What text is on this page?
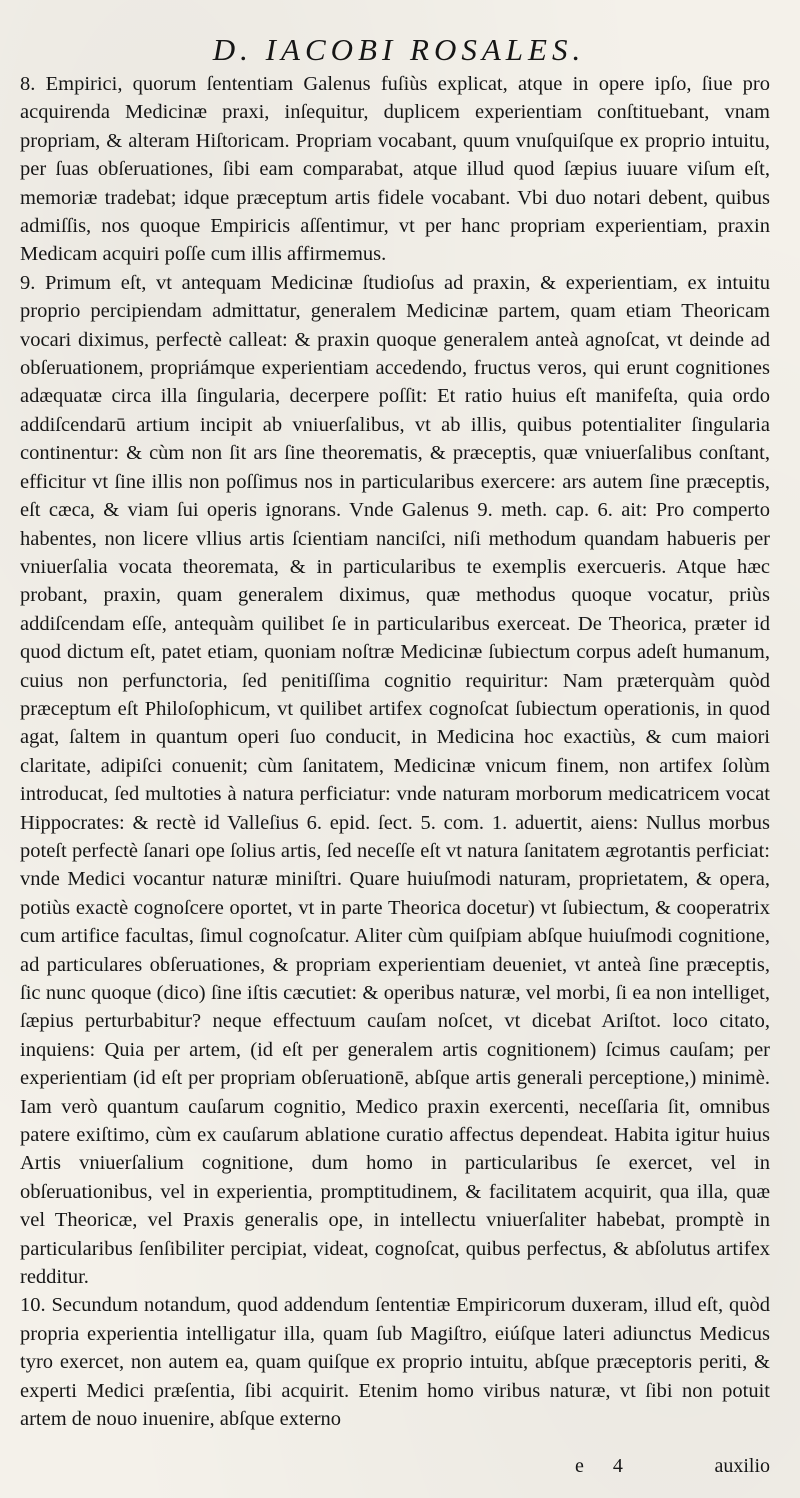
D. IACOBI ROSALES.

8. Empirici, quorum ſententiam Galenus fuſiùs explicat, atque in opere ipſo, ſiue pro acquirenda Medicinæ praxi, inſequitur, duplicem experientiam conſtituebant, vnam propriam, & alteram Hiſtoricam. Propriam vocabant, quum vnuſquiſque ex proprio intuitu, per ſuas obſeruationes, ſibi eam comparabat, atque illud quod ſæpius iuuare viſum eſt, memoriæ tradebat; idque præceptum artis fidele vocabant. Vbi duo notari debent, quibus admiſſis, nos quoque Empiricis aſſentimur, vt per hanc propriam experientiam, praxin Medicam acquiri poſſe cum illis affirmemus.

9. Primum eſt, vt antequam Medicinæ ſtudioſus ad praxin, & experientiam, ex intuitu proprio percipiendam admittatur, generalem Medicinæ partem, quam etiam Theoricam vocari diximus, perfectè calleat: & praxin quoque generalem anteà agnoſcat, vt deinde ad obſeruationem, propriámque experientiam accedendo, fructus veros, qui erunt cognitiones adæquatæ circa illa ſingularia, decerpere poſſit: Et ratio huius eſt manifeſta, quia ordo addiſcendarū artium incipit ab vniuerſalibus, vt ab illis, quibus potentialiter ſingularia continentur: & cùm non ſit ars ſine theorematis, & præceptis, quæ vniuerſalibus conſtant, efficitur vt ſine illis non poſſimus nos in particularibus exercere: ars autem ſine præceptis, eſt cæca, & viam ſui operis ignorans. Vnde Galenus 9. meth. cap. 6. ait: Pro comperto habentes, non licere vllius artis ſcientiam nanciſci, niſi methodum quandam habueris per vniuerſalia vocata theoremata, & in particularibus te exemplis exercueris. Atque hæc probant, praxin, quam generalem diximus, quæ methodus quoque vocatur, priùs addiſcendam eſſe, antequàm quilibet ſe in particularibus exerceat. De Theorica, præter id quod dictum eſt, patet etiam, quoniam noſtræ Medicinæ ſubiectum corpus adeſt humanum, cuius non perfunctoria, ſed penitiſſima cognitio requiritur: Nam præterquàm quòd præceptum eſt Philoſophicum, vt quilibet artifex cognoſcat ſubiectum operationis, in quod agat, ſaltem in quantum operi ſuo conducit, in Medicina hoc exactiùs, & cum maiori claritate, adipiſci conuenit; cùm ſanitatem, Medicinæ vnicum finem, non artifex ſolùm introducat, ſed multoties à natura perficiatur: vnde naturam morborum medicatricem vocat Hippocrates: & rectè id Valleſius 6. epid. ſect. 5. com. 1. aduertit, aiens: Nullus morbus poteſt perfectè ſanari ope ſolius artis, ſed neceſſe eſt vt natura ſanitatem ægrotantis perficiat: vnde Medici vocantur naturæ miniſtri. Quare huiuſmodi naturam, proprietatem, & opera, potiùs exactè cognoſcere oportet, vt in parte Theorica docetur) vt ſubiectum, & cooperatrix cum artifice facultas, ſimul cognoſcatur. Aliter cùm quiſpiam abſque huiuſmodi cognitione, ad particulares obſeruationes, & propriam experientiam deueniet, vt anteà ſine præceptis, ſic nunc quoque (dico) ſine iſtis cæcutiet: & operibus naturæ, vel morbi, ſi ea non intelliget, ſæpius perturbabitur? neque effectuum cauſam noſcet, vt dicebat Ariſtot. loco citato, inquiens: Quia per artem, (id eſt per generalem artis cognitionem) ſcimus cauſam; per experientiam (id eſt per propriam obſeruationē, abſque artis generali perceptione,) minimè. Iam verò quantum cauſarum cognitio, Medico praxin exercenti, neceſſaria ſit, omnibus patere exiſtimo, cùm ex cauſarum ablatione curatio affectus dependeat. Habita igitur huius Artis vniuerſalium cognitione, dum homo in particularibus ſe exercet, vel in obſeruationibus, vel in experientia, promptitudinem, & facilitatem acquirit, qua illa, quæ vel Theoricæ, vel Praxis generalis ope, in intellectu vniuerſaliter habebat, promptè in particularibus ſenſibiliter percipiat, videat, cognoſcat, quibus perfectus, & abſolutus artifex redditur.

10. Secundum notandum, quod addendum ſententiæ Empiricorum duxeram, illud eſt, quòd propria experientia intelligatur illa, quam ſub Magiſtro, eiúſque lateri adiunctus Medicus tyro exercet, non autem ea, quam quiſque ex proprio intuitu, abſque præceptoris periti, & experti Medici præſentia, ſibi acquirit. Etenim homo viribus naturæ, vt ſibi non potuit artem de nouo inuenire, abſque externo

e 4	auxilio
